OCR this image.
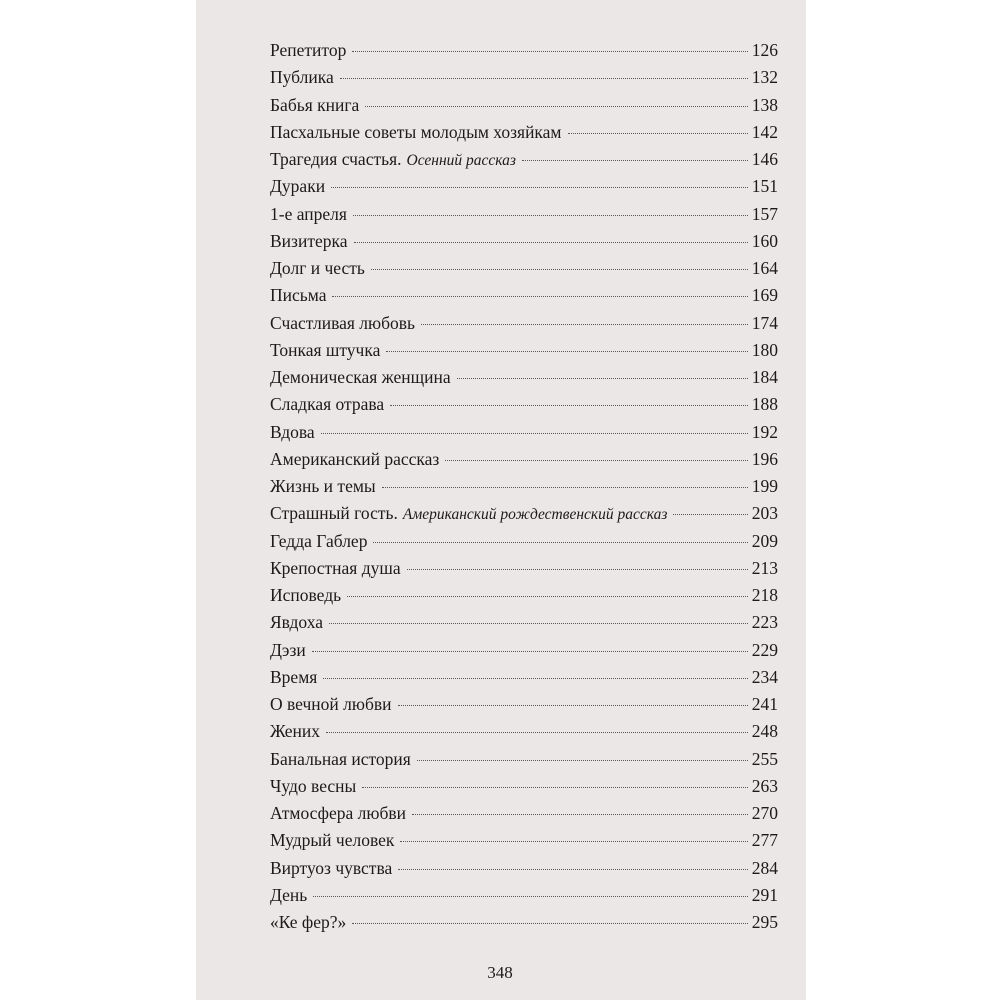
Репетитор	126
Публика	132
Бабья книга	138
Пасхальные советы молодым хозяйкам	142
Трагедия счастья. Осенний рассказ	146
Дураки	151
1-е апреля	157
Визитерка	160
Долг и честь	164
Письма	169
Счастливая любовь	174
Тонкая штучка	180
Демоническая женщина	184
Сладкая отрава	188
Вдова	192
Американский рассказ	196
Жизнь и темы	199
Страшный гость. Американский рождественский рассказ	203
Гедда Габлер	209
Крепостная душа	213
Исповедь	218
Явдоха	223
Дэзи	229
Время	234
О вечной любви	241
Жених	248
Банальная история	255
Чудо весны	263
Атмосфера любви	270
Мудрый человек	277
Виртуоз чувства	284
День	291
«Ке фер?»	295
348
